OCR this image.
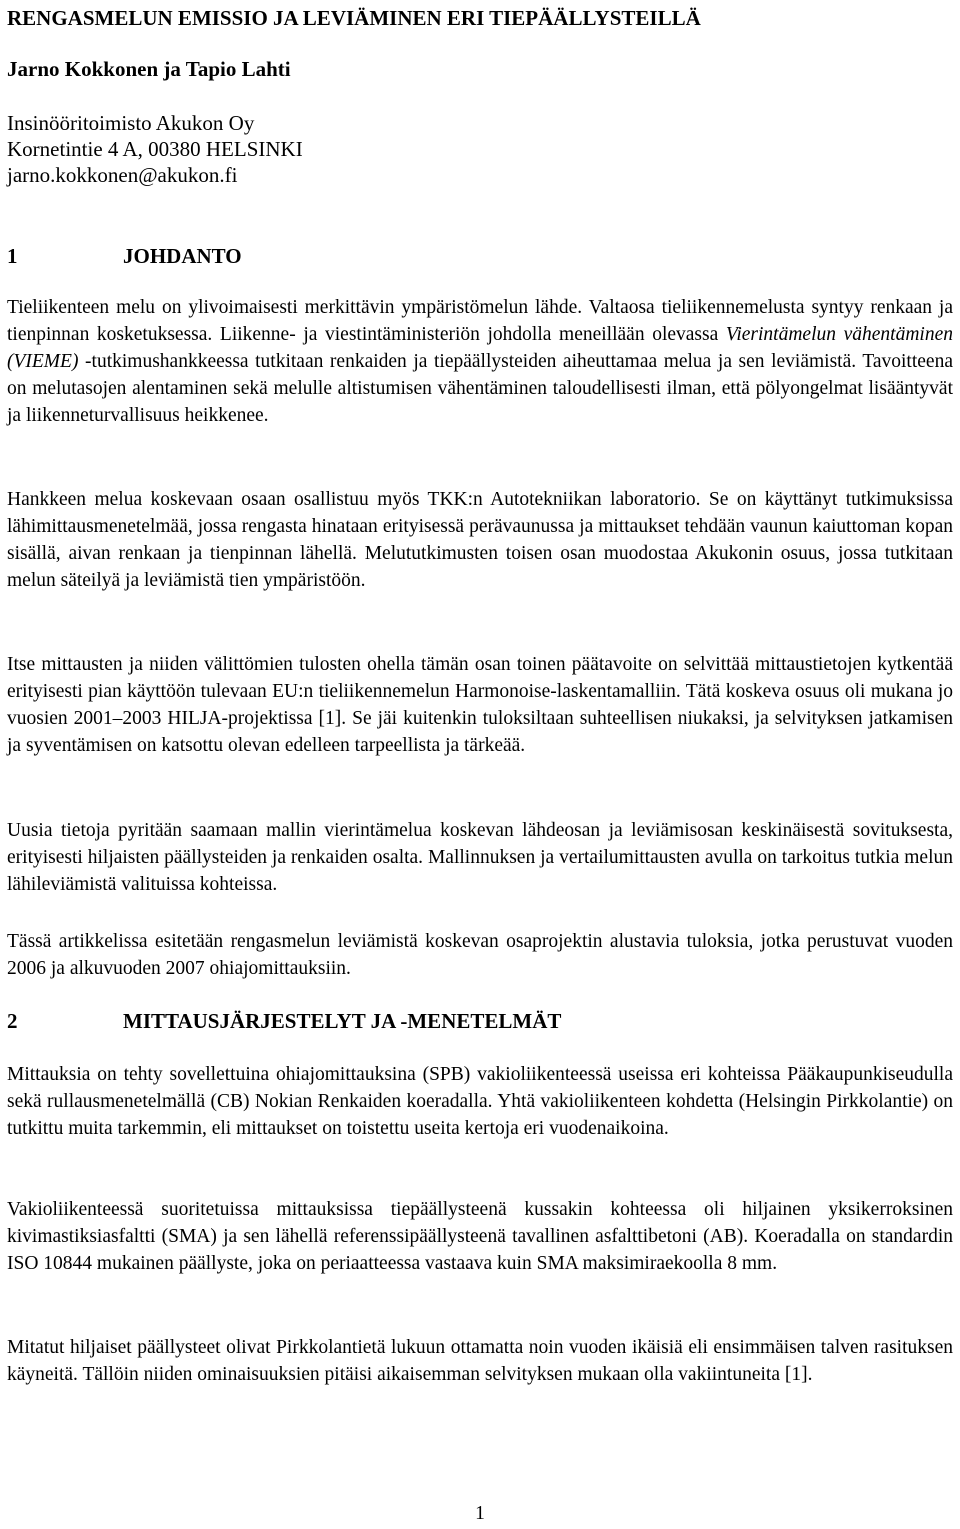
RENGASMELUN EMISSIO JA LEVIÄMINEN ERI TIEPÄÄLLYSTEILLÄ
Jarno Kokkonen ja Tapio Lahti
Insinööritoimisto Akukon Oy
Kornetintie 4 A, 00380 HELSINKI
jarno.kokkonen@akukon.fi
1	JOHDANTO
Tieliikenteen melu on ylivoimaisesti merkittävin ympäristömelun lähde. Valtaosa tieliikennemelusta syntyy renkaan ja tienpinnan kosketuksessa. Liikenne- ja viestintäministeriön johdolla meneillään olevassa Vierintämelun vähentäminen (VIEME) -tutkimushankkeessa tutkitaan renkaiden ja tiepäällysteiden aiheuttamaa melua ja sen leviämistä. Tavoitteena on melutasojen alentaminen sekä melulle altistumisen vähentäminen taloudellisesti ilman, että pölyongelmat lisääntyvät ja liikenneturvallisuus heikkenee.
Hankkeen melua koskevaan osaan osallistuu myös TKK:n Autotekniikan laboratorio. Se on käyttänyt tutkimuksissa lähimittausmenetelmää, jossa rengasta hinataan erityisessä perävaunussa ja mittaukset tehdään vaunun kaiuttoman kopan sisällä, aivan renkaan ja tienpinnan lähellä. Melututkimusten toisen osan muodostaa Akukonin osuus, jossa tutkitaan melun säteilyä ja leviämistä tien ympäristöön.
Itse mittausten ja niiden välittömien tulosten ohella tämän osan toinen päätavoite on selvittää mittaustietojen kytkentää erityisesti pian käyttöön tulevaan EU:n tieliikennemelun Harmonoise-laskentamalliin. Tätä koskeva osuus oli mukana jo vuosien 2001–2003 HILJA-projektissa [1]. Se jäi kuitenkin tuloksiltaan suhteellisen niukaksi, ja selvityksen jatkamisen ja syventämisen on katsottu olevan edelleen tarpeellista ja tärkeää.
Uusia tietoja pyritään saamaan mallin vierintämelua koskevan lähdeosan ja leviämisosan keskinäisestä sovituksesta, erityisesti hiljaisten päällysteiden ja renkaiden osalta. Mallinnuksen ja vertailumittausten avulla on tarkoitus tutkia melun lähileviämistä valituissa kohteissa.
Tässä artikkelissa esitetään rengasmelun leviämistä koskevan osaprojektin alustavia tuloksia, jotka perustuvat vuoden 2006 ja alkuvuoden 2007 ohiajomittauksiin.
2	MITTAUSJÄRJESTELYT JA -MENETELMÄT
Mittauksia on tehty sovellettuina ohiajomittauksina (SPB) vakioliikenteessä useissa eri kohteissa Pääkaupunkiseudulla sekä rullausmenetelmällä (CB) Nokian Renkaiden koeradalla. Yhtä vakioliikenteen kohdetta (Helsingin Pirkkolantie) on tutkittu muita tarkemmin, eli mittaukset on toistettu useita kertoja eri vuodenaikoina.
Vakioliikenteessä suoritetuissa mittauksissa tiepäällysteenä kussakin kohteessa oli hiljainen yksikerroksinen kivimastiksiasfaltti (SMA) ja sen lähellä referenssipäällysteenä tavallinen asfalttibetoni (AB). Koeradalla on standardin ISO 10844 mukainen päällyste, joka on periaatteessa vastaava kuin SMA maksimiraekoolla 8 mm.
Mitatut hiljaiset päällysteet olivat Pirkkolantietä lukuun ottamatta noin vuoden ikäisiä eli ensimmäisen talven rasituksen käyneitä. Tällöin niiden ominaisuuksien pitäisi aikaisemman selvityksen mukaan olla vakiintuneita [1].
1
